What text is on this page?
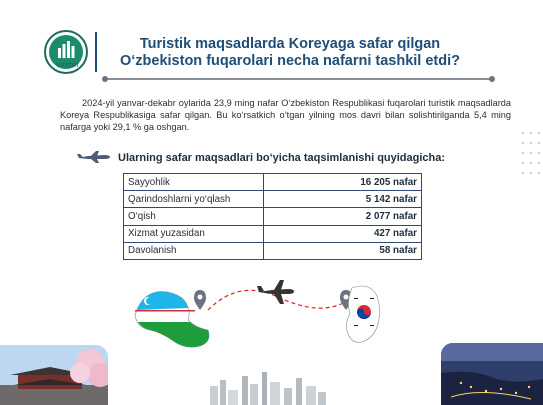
UZSTAT
Turistik maqsadlarda Koreyaga safar qilgan O‘zbekiston fuqarolari necha nafarni tashkil etdi?

2024-yil yanvar-dekabr oylarida 23,9 ming nafar O‘zbekiston Respublikasi fuqarolari turistik maqsadlarda Koreya Respublikasiga safar qilgan. Bu ko‘rsatkich o‘tgan yilning mos davri bilan solishtirilganda 5,4 ming nafarga yoki 29,1 % ga oshgan.

Ularning safar maqsadlari bo‘yicha taqsimlanishi quyidagicha:
Sayyohlik	16 205 nafar
Qarindoshlarni yo‘qlash	5 142 nafar
O‘qish	2 077 nafar
Xizmat yuzasidan	427 nafar
Davolanish	58 nafar
